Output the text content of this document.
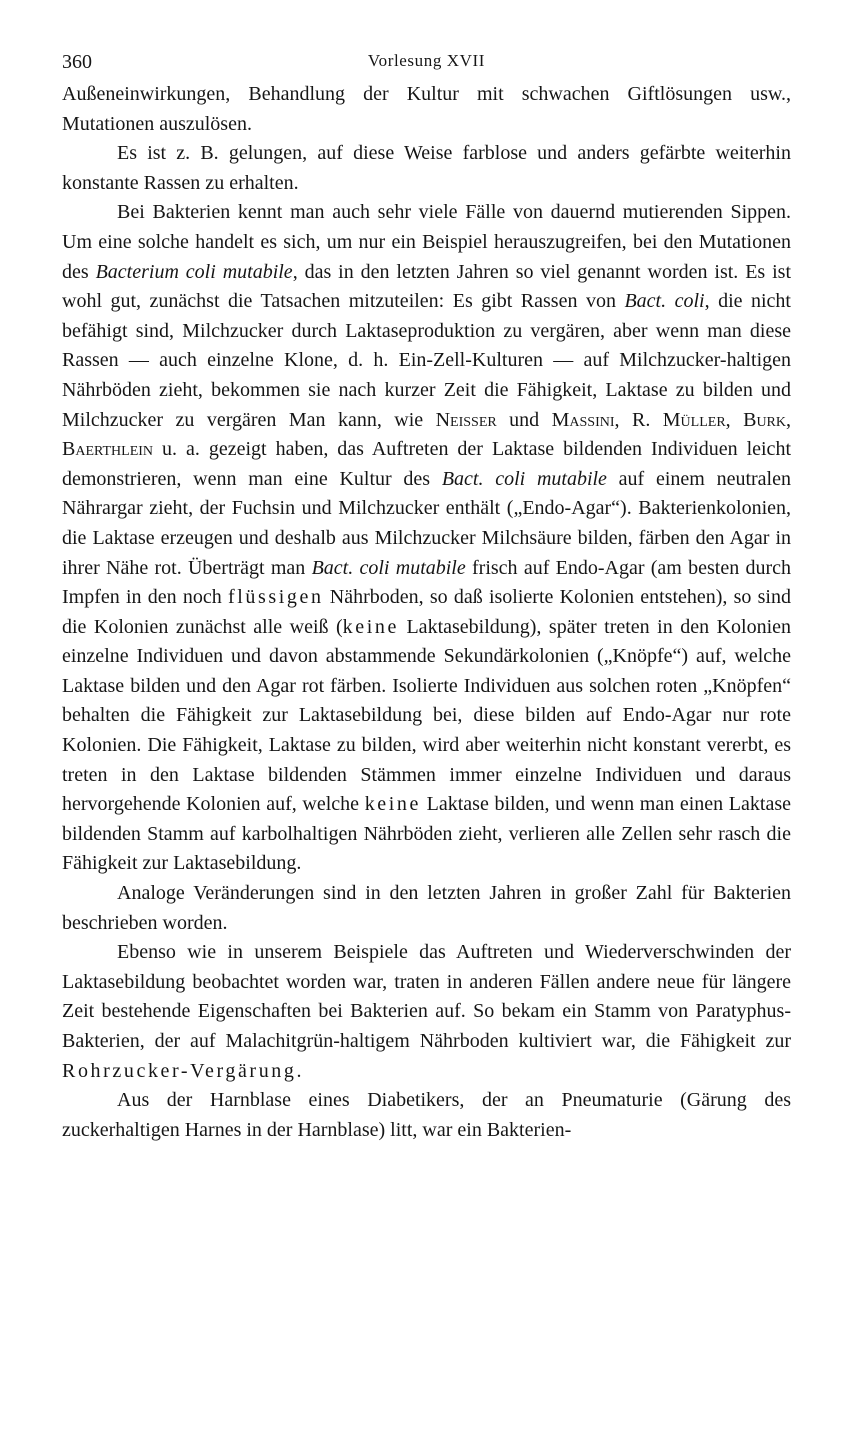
360	Vorlesung XVII

Außeneinwirkungen, Behandlung der Kultur mit schwachen Giftlösungen usw., Mutationen auszulösen.

Es ist z. B. gelungen, auf diese Weise farblose und anders gefärbte weiterhin konstante Rassen zu erhalten.

Bei Bakterien kennt man auch sehr viele Fälle von dauernd mutierenden Sippen. Um eine solche handelt es sich, um nur ein Beispiel herauszugreifen, bei den Mutationen des Bacterium coli mutabile, das in den letzten Jahren so viel genannt worden ist. Es ist wohl gut, zunächst die Tatsachen mitzuteilen: Es gibt Rassen von Bact. coli, die nicht befähigt sind, Milchzucker durch Laktaseproduktion zu vergären, aber wenn man diese Rassen — auch einzelne Klone, d. h. Ein-Zell-Kulturen — auf Milchzucker-haltigen Nährböden zieht, bekommen sie nach kurzer Zeit die Fähigkeit, Laktase zu bilden und Milchzucker zu vergären Man kann, wie Neisser und Massini, R. Müller, Burk, Baerthlein u. a. gezeigt haben, das Auftreten der Laktase bildenden Individuen leicht demonstrieren, wenn man eine Kultur des Bact. coli mutabile auf einem neutralen Nährargar zieht, der Fuchsin und Milchzucker enthält („Endo-Agar“). Bakterienkolonien, die Laktase erzeugen und deshalb aus Milchzucker Milchsäure bilden, färben den Agar in ihrer Nähe rot. Überträgt man Bact. coli mutabile frisch auf Endo-Agar (am besten durch Impfen in den noch flüssigen Nährboden, so daß isolierte Kolonien entstehen), so sind die Kolonien zunächst alle weiß (keine Laktasebildung), später treten in den Kolonien einzelne Individuen und davon abstammende Sekundärkolonien („Knöpfe“) auf, welche Laktase bilden und den Agar rot färben. Isolierte Individuen aus solchen roten „Knöpfen“ behalten die Fähigkeit zur Laktasebildung bei, diese bilden auf Endo-Agar nur rote Kolonien. Die Fähigkeit, Laktase zu bilden, wird aber weiterhin nicht konstant vererbt, es treten in den Laktase bildenden Stämmen immer einzelne Individuen und daraus hervorgehende Kolonien auf, welche keine Laktase bilden, und wenn man einen Laktase bildenden Stamm auf karbolhaltigen Nährböden zieht, verlieren alle Zellen sehr rasch die Fähigkeit zur Laktasebildung.

Analoge Veränderungen sind in den letzten Jahren in großer Zahl für Bakterien beschrieben worden.

Ebenso wie in unserem Beispiele das Auftreten und Wiederverschwinden der Laktasebildung beobachtet worden war, traten in anderen Fällen andere neue für längere Zeit bestehende Eigenschaften bei Bakterien auf. So bekam ein Stamm von Paratyphus-Bakterien, der auf Malachitgrün-haltigem Nährboden kultiviert war, die Fähigkeit zur Rohrzucker-Vergärung.

Aus der Harnblase eines Diabetikers, der an Pneumaturie (Gärung des zuckerhaltigen Harnes in der Harnblase) litt, war ein Bakterien-
